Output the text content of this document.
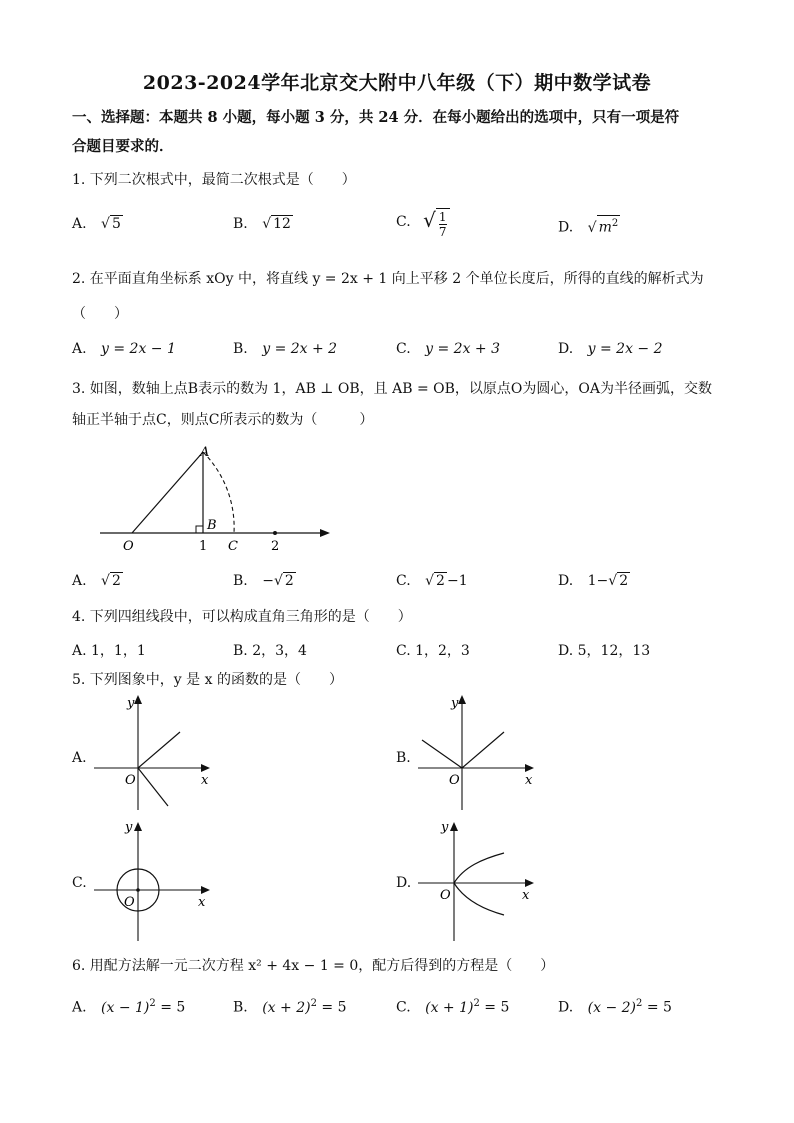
2023-2024学年北京交大附中八年级（下）期中数学试卷
一、选择题：本题共 8 小题，每小题 3 分，共 24 分．在每小题给出的选项中，只有一项是符
合题目要求的．
1. 下列二次根式中，最简二次根式是（　　）
A. √ 5	B. √ 12	C. √ $\frac{1}{7}$	D. √ $m^2$
2. 在平面直角坐标系 xOy 中，将直线 y = 2x + 1 向上平移 2 个单位长度后，所得的直线的解析式为
（　　）
A. y = 2x − 1	B. y = 2x + 2	C. y = 2x + 3	D. y = 2x − 2
3. 如图，数轴上点B表示的数为 1，AB ⊥ OB，且 AB = OB，以原点O为圆心，OA为半径画弧，交数
轴正半轴于点C，则点C所表示的数为（　　　）
A
B
O	1 C	2
A. √ 2	B. −√ 2	C. √ 2 −1	D. 1−√ 2
4. 下列四组线段中，可以构成直角三角形的是（　　）
A. 1，1，1	B. 2，3，4	C. 1，2，3	D. 5，12，13
5. 下列图象中，y 是 x 的函数的是（　　）
A.
y
x
O
B.
y
x
O
C.
y
x
O
D.
y
x
O
6. 用配方法解一元二次方程 x² + 4x − 1 = 0，配方后得到的方程是（　　）
A. $(x - 1)^2 = 5$	B. $(x + 2)^2 = 5$	C. $(x + 1)^2 = 5$	D. $(x - 2)^2 = 5$
